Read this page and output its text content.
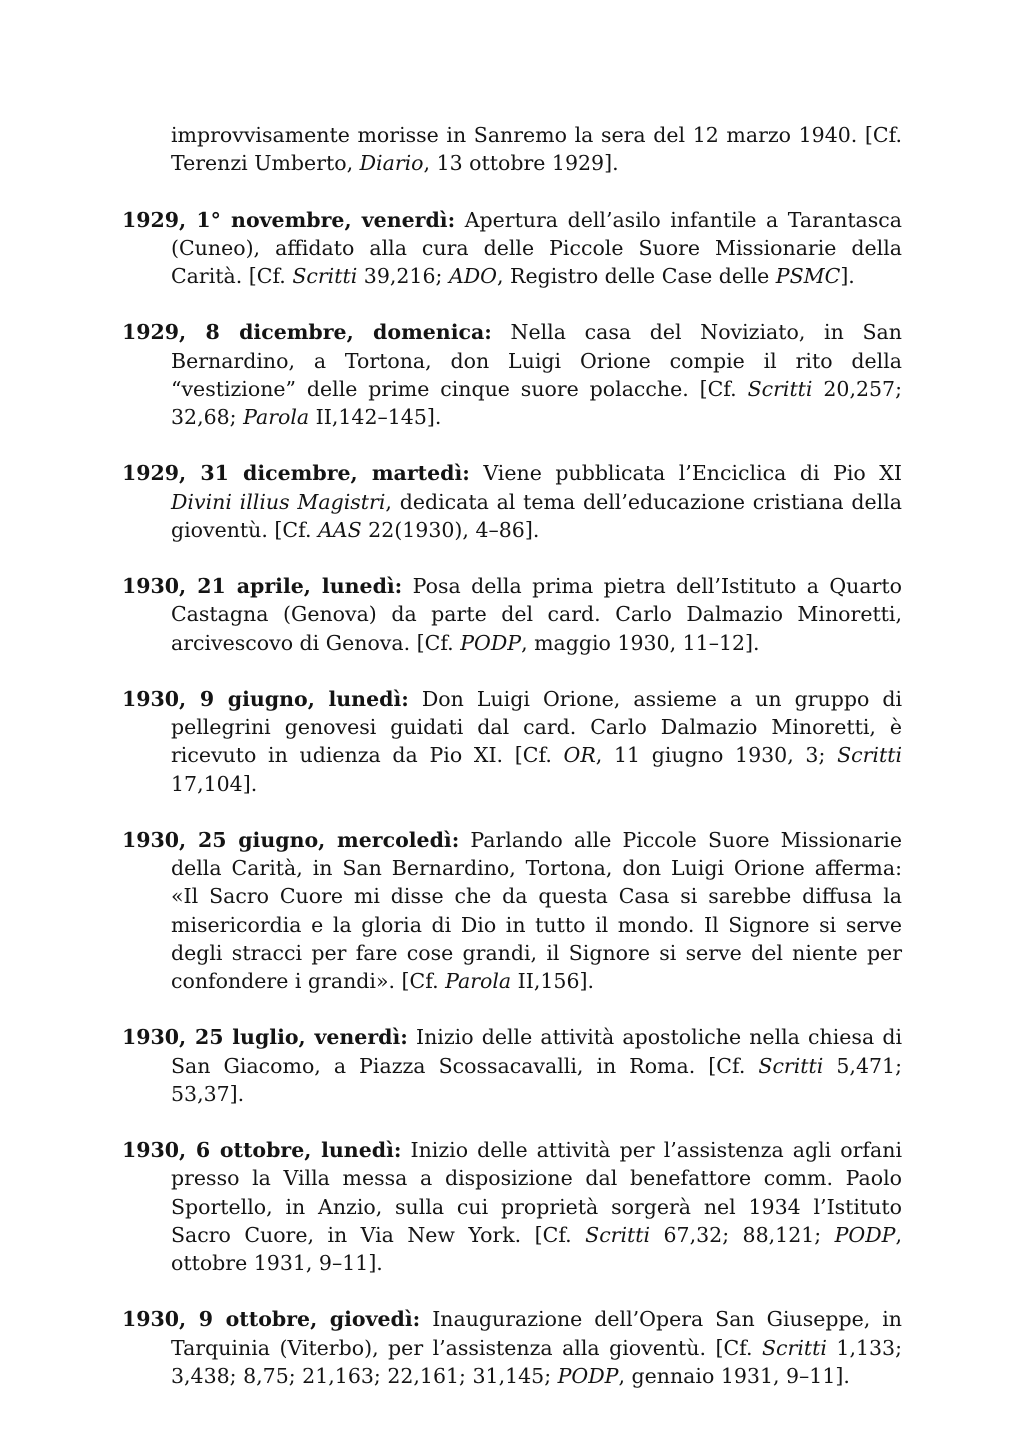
improvvisamente morisse in Sanremo la sera del 12 marzo 1940. [Cf. Terenzi Umberto, Diario, 13 ottobre 1929].

1929, 1° novembre, venerdì: Apertura dell’asilo infantile a Tarantasca (Cuneo), affidato alla cura delle Piccole Suore Missionarie della Carità. [Cf. Scritti 39,216; ADO, Registro delle Case delle PSMC].

1929, 8 dicembre, domenica: Nella casa del Noviziato, in San Bernardino, a Tortona, don Luigi Orione compie il rito della “vestizione” delle prime cinque suore polacche. [Cf. Scritti 20,257; 32,68; Parola II,142–145].

1929, 31 dicembre, martedì: Viene pubblicata l’Enciclica di Pio XI Divini illius Magistri, dedicata al tema dell’educazione cristiana della gioventù. [Cf. AAS 22(1930), 4–86].

1930, 21 aprile, lunedì: Posa della prima pietra dell’Istituto a Quarto Castagna (Genova) da parte del card. Carlo Dalmazio Minoretti, arcivescovo di Genova. [Cf. PODP, maggio 1930, 11–12].

1930, 9 giugno, lunedì: Don Luigi Orione, assieme a un gruppo di pellegrini genovesi guidati dal card. Carlo Dalmazio Minoretti, è ricevuto in udienza da Pio XI. [Cf. OR, 11 giugno 1930, 3; Scritti 17,104].

1930, 25 giugno, mercoledì: Parlando alle Piccole Suore Missionarie della Carità, in San Bernardino, Tortona, don Luigi Orione afferma: «Il Sacro Cuore mi disse che da questa Casa si sarebbe diffusa la misericordia e la gloria di Dio in tutto il mondo. Il Signore si serve degli stracci per fare cose grandi, il Signore si serve del niente per confondere i grandi». [Cf. Parola II,156].

1930, 25 luglio, venerdì: Inizio delle attività apostoliche nella chiesa di San Giacomo, a Piazza Scossacavalli, in Roma. [Cf. Scritti 5,471; 53,37].

1930, 6 ottobre, lunedì: Inizio delle attività per l’assistenza agli orfani presso la Villa messa a disposizione dal benefattore comm. Paolo Sportello, in Anzio, sulla cui proprietà sorgerà nel 1934 l’Istituto Sacro Cuore, in Via New York. [Cf. Scritti 67,32; 88,121; PODP, ottobre 1931, 9–11].

1930, 9 ottobre, giovedì: Inaugurazione dell’Opera San Giuseppe, in Tarquinia (Viterbo), per l’assistenza alla gioventù. [Cf. Scritti 1,133; 3,438; 8,75; 21,163; 22,161; 31,145; PODP, gennaio 1931, 9–11].
